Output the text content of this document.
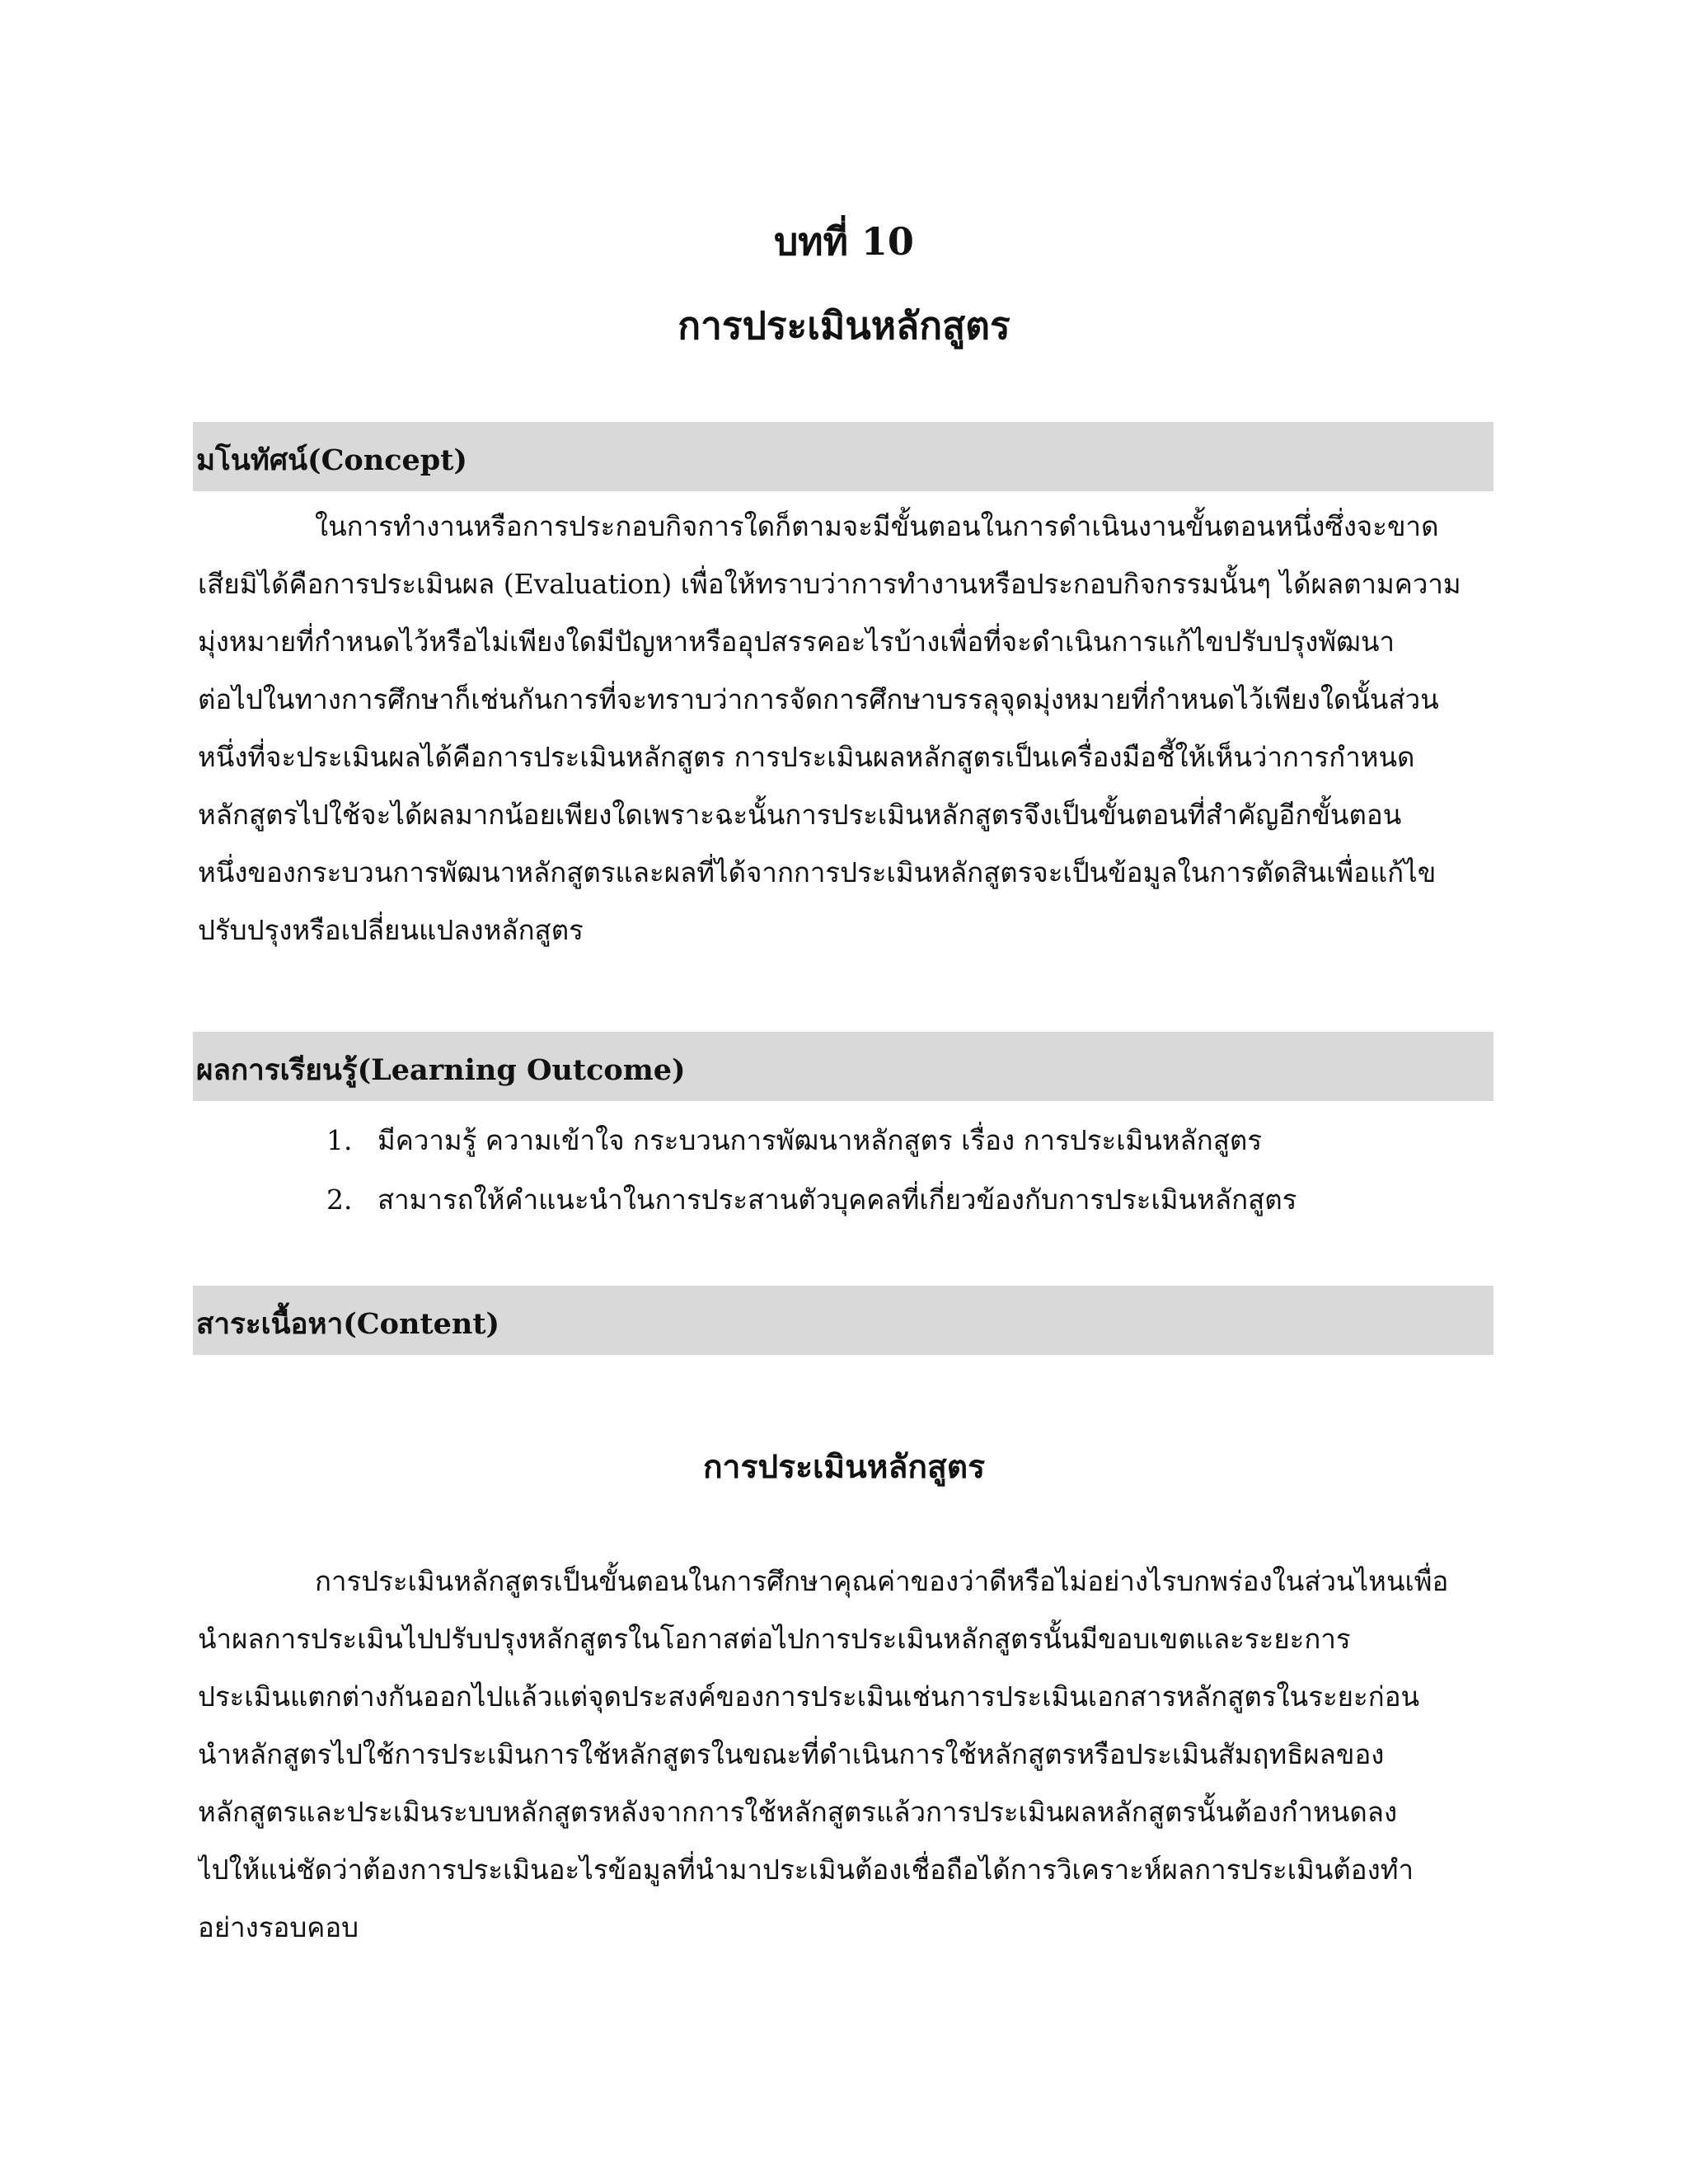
บทที่ 10
การประเมินหลักสูตร
มโนทัศน์(Concept)
ในการทำงานหรือการประกอบกิจการใดก็ตามจะมีขั้นตอนในการดำเนินงานขั้นตอนหนึ่งซึ่งจะขาด
เสียมิได้คือการประเมินผล (Evaluation) เพื่อให้ทราบว่าการทำงานหรือประกอบกิจกรรมนั้นๆ ได้ผลตามความ
มุ่งหมายที่กำหนดไว้หรือไม่เพียงใดมีปัญหาหรืออุปสรรคอะไรบ้างเพื่อที่จะดำเนินการแก้ไขปรับปรุงพัฒนา
ต่อไปในทางการศึกษาก็เช่นกันการที่จะทราบว่าการจัดการศึกษาบรรลุจุดมุ่งหมายที่กำหนดไว้เพียงใดนั้นส่วน
หนึ่งที่จะประเมินผลได้คือการประเมินหลักสูตร การประเมินผลหลักสูตรเป็นเครื่องมือชี้ให้เห็นว่าการกำหนด
หลักสูตรไปใช้จะได้ผลมากน้อยเพียงใดเพราะฉะนั้นการประเมินหลักสูตรจึงเป็นขั้นตอนที่สำคัญอีกขั้นตอน
หนึ่งของกระบวนการพัฒนาหลักสูตรและผลที่ได้จากการประเมินหลักสูตรจะเป็นข้อมูลในการตัดสินเพื่อแก้ไข
ปรับปรุงหรือเปลี่ยนแปลงหลักสูตร
ผลการเรียนรู้(Learning Outcome)
1. มีความรู้ ความเข้าใจ กระบวนการพัฒนาหลักสูตร เรื่อง การประเมินหลักสูตร
2. สามารถให้คำแนะนำในการประสานตัวบุคคลที่เกี่ยวข้องกับการประเมินหลักสูตร
สาระเนื้อหา(Content)
การประเมินหลักสูตร
การประเมินหลักสูตรเป็นขั้นตอนในการศึกษาคุณค่าของว่าดีหรือไม่อย่างไรบกพร่องในส่วนไหนเพื่อ
นำผลการประเมินไปปรับปรุงหลักสูตรในโอกาสต่อไปการประเมินหลักสูตรนั้นมีขอบเขตและระยะการ
ประเมินแตกต่างกันออกไปแล้วแต่จุดประสงค์ของการประเมินเช่นการประเมินเอกสารหลักสูตรในระยะก่อน
นำหลักสูตรไปใช้การประเมินการใช้หลักสูตรในขณะที่ดำเนินการใช้หลักสูตรหรือประเมินสัมฤทธิผลของ
หลักสูตรและประเมินระบบหลักสูตรหลังจากการใช้หลักสูตรแล้วการประเมินผลหลักสูตรนั้นต้องกำหนดลง
ไปให้แน่ชัดว่าต้องการประเมินอะไรข้อมูลที่นำมาประเมินต้องเชื่อถือได้การวิเคราะห์ผลการประเมินต้องทำ
อย่างรอบคอบ
